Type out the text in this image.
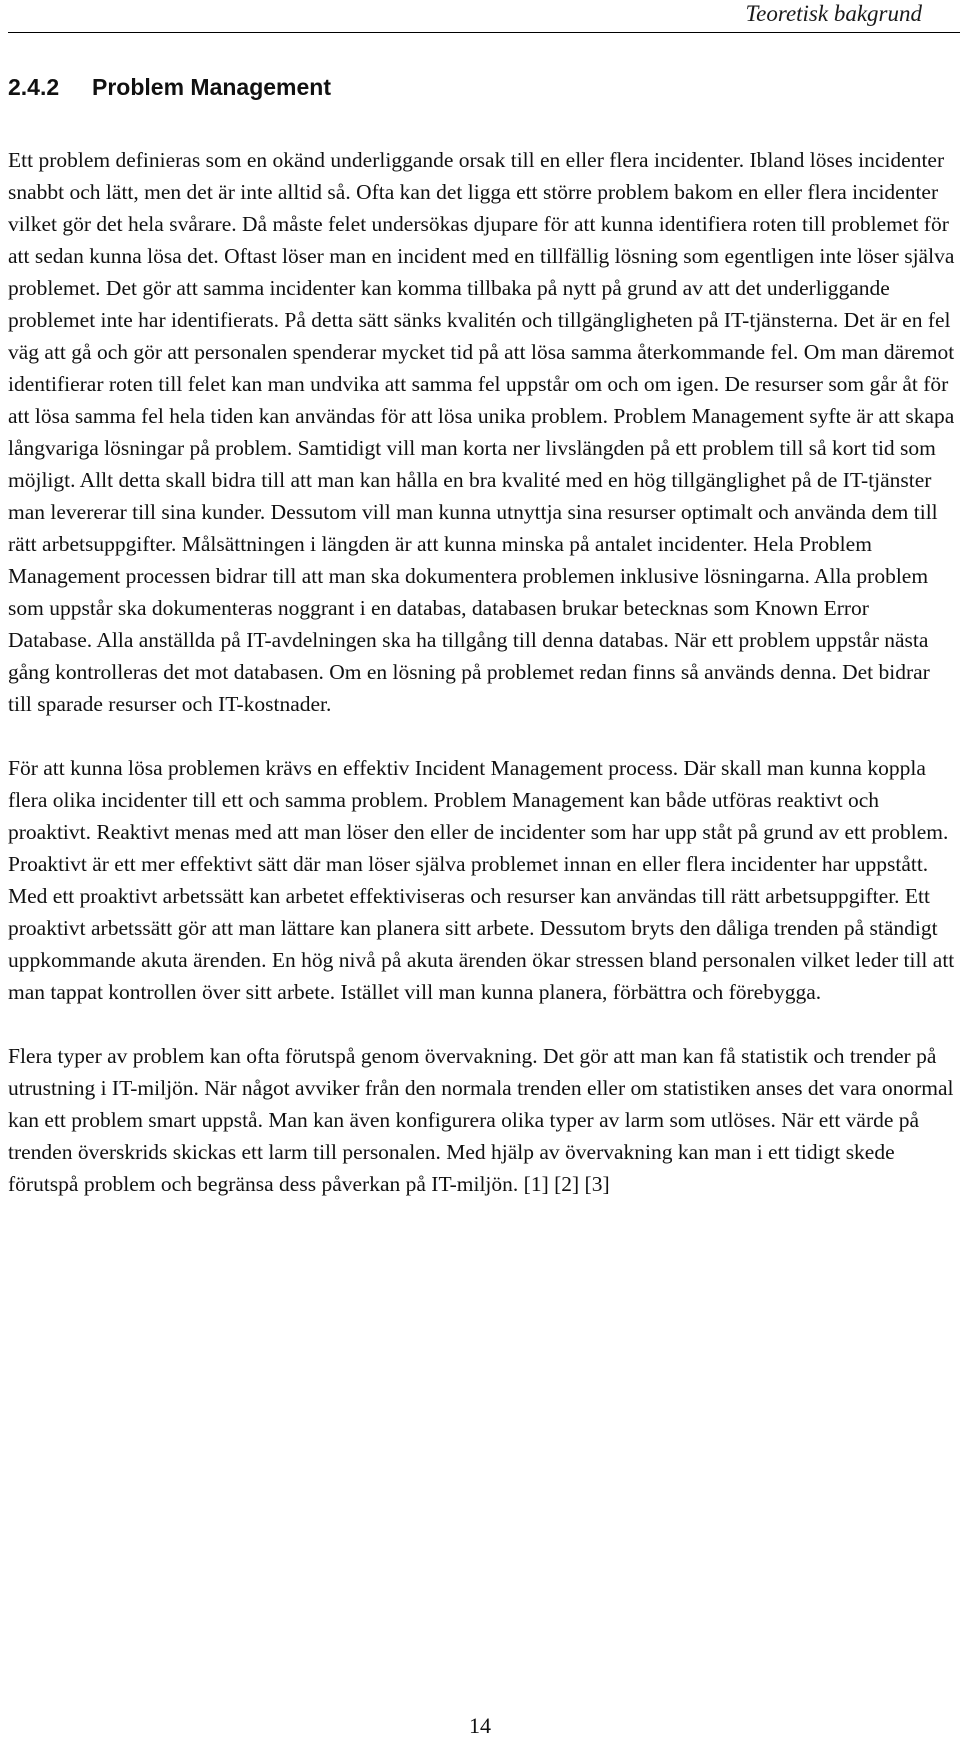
Teoretisk bakgrund
2.4.2 Problem Management

Ett problem definieras som en okänd underliggande orsak till en eller flera incidenter. Ibland löses incidenter snabbt och lätt, men det är inte alltid så. Ofta kan det ligga ett större problem bakom en eller flera incidenter vilket gör det hela svårare. Då måste felet undersökas djupare för att kunna identifiera roten till problemet för att sedan kunna lösa det. Oftast löser man en incident med en tillfällig lösning som egentligen inte löser själva problemet. Det gör att samma incidenter kan komma tillbaka på nytt på grund av att det underliggande problemet inte har identifierats. På detta sätt sänks kvalitén och tillgängligheten på IT-tjänsterna. Det är en fel väg att gå och gör att personalen spenderar mycket tid på att lösa samma återkommande fel. Om man däremot identifierar roten till felet kan man undvika att samma fel uppstår om och om igen. De resurser som går åt för att lösa samma fel hela tiden kan användas för att lösa unika problem. Problem Management syfte är att skapa långvariga lösningar på problem. Samtidigt vill man korta ner livslängden på ett problem till så kort tid som möjligt. Allt detta skall bidra till att man kan hålla en bra kvalité med en hög tillgänglighet på de IT-tjänster man levererar till sina kunder. Dessutom vill man kunna utnyttja sina resurser optimalt och använda dem till rätt arbetsuppgifter. Målsättningen i längden är att kunna minska på antalet incidenter. Hela Problem Management processen bidrar till att man ska dokumentera problemen inklusive lösningarna. Alla problem som uppstår ska dokumenteras noggrant i en databas, databasen brukar betecknas som Known Error Database. Alla anställda på IT-avdelningen ska ha tillgång till denna databas. När ett problem uppstår nästa gång kontrolleras det mot databasen. Om en lösning på problemet redan finns så används denna. Det bidrar till sparade resurser och IT-kostnader.

För att kunna lösa problemen krävs en effektiv Incident Management process. Där skall man kunna koppla flera olika incidenter till ett och samma problem. Problem Management kan både utföras reaktivt och proaktivt. Reaktivt menas med att man löser den eller de incidenter som har upp ståt på grund av ett problem. Proaktivt är ett mer effektivt sätt där man löser själva problemet innan en eller flera incidenter har uppstått. Med ett proaktivt arbetssätt kan arbetet effektiviseras och resurser kan användas till rätt arbetsuppgifter. Ett proaktivt arbetssätt gör att man lättare kan planera sitt arbete. Dessutom bryts den dåliga trenden på ständigt uppkommande akuta ärenden. En hög nivå på akuta ärenden ökar stressen bland personalen vilket leder till att man tappat kontrollen över sitt arbete. Istället vill man kunna planera, förbättra och förebygga.

Flera typer av problem kan ofta förutspå genom övervakning. Det gör att man kan få statistik och trender på utrustning i IT-miljön. När något avviker från den normala trenden eller om statistiken anses det vara onormal kan ett problem smart uppstå. Man kan även konfigurera olika typer av larm som utlöses. När ett värde på trenden överskrids skickas ett larm till personalen. Med hjälp av övervakning kan man i ett tidigt skede förutspå problem och begränsa dess påverkan på IT-miljön. [1] [2] [3]

14
